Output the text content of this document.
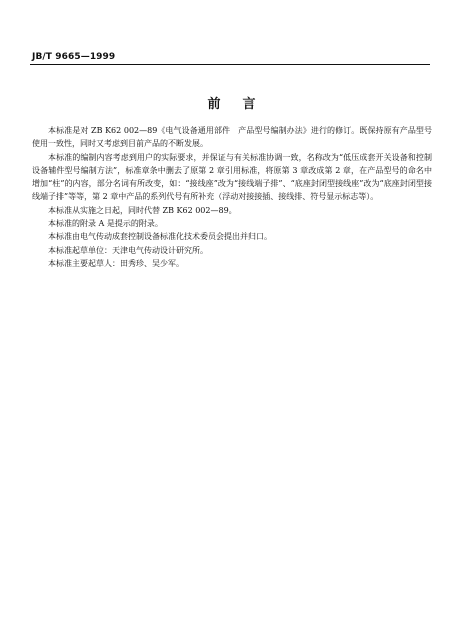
JB/T 9665—1999
前言

本标准是对 ZB K62 002—89《电气设备通用部件　产品型号编制办法》进行的修订。既保持原有产品型号使用一致性，同时又考虑到目前产品的不断发展。

本标准的编制内容考虑到用户的实际要求，并保证与有关标准协调一致，名称改为“低压成套开关设备和控制设备辅件型号编制方法”，标准章条中删去了原第 2 章引用标准，将原第 3 章改成第 2 章，在产品型号的命名中增加“柱”的内容，部分名词有所改变，如：“接线座”改为“接线端子排”、“底座封闭型接线座”改为“底座封闭型接线端子排”等等，第 2 章中产品的系列代号有所补充（浮动对接接插、接线排、符号显示标志等）。

本标准从实施之日起，同时代替 ZB K62 002—89。

本标准的附录 A 是提示的附录。

本标准由电气传动成套控制设备标准化技术委员会提出并归口。

本标准起草单位：天津电气传动设计研究所。

本标准主要起草人：田秀珍、吴少军。
